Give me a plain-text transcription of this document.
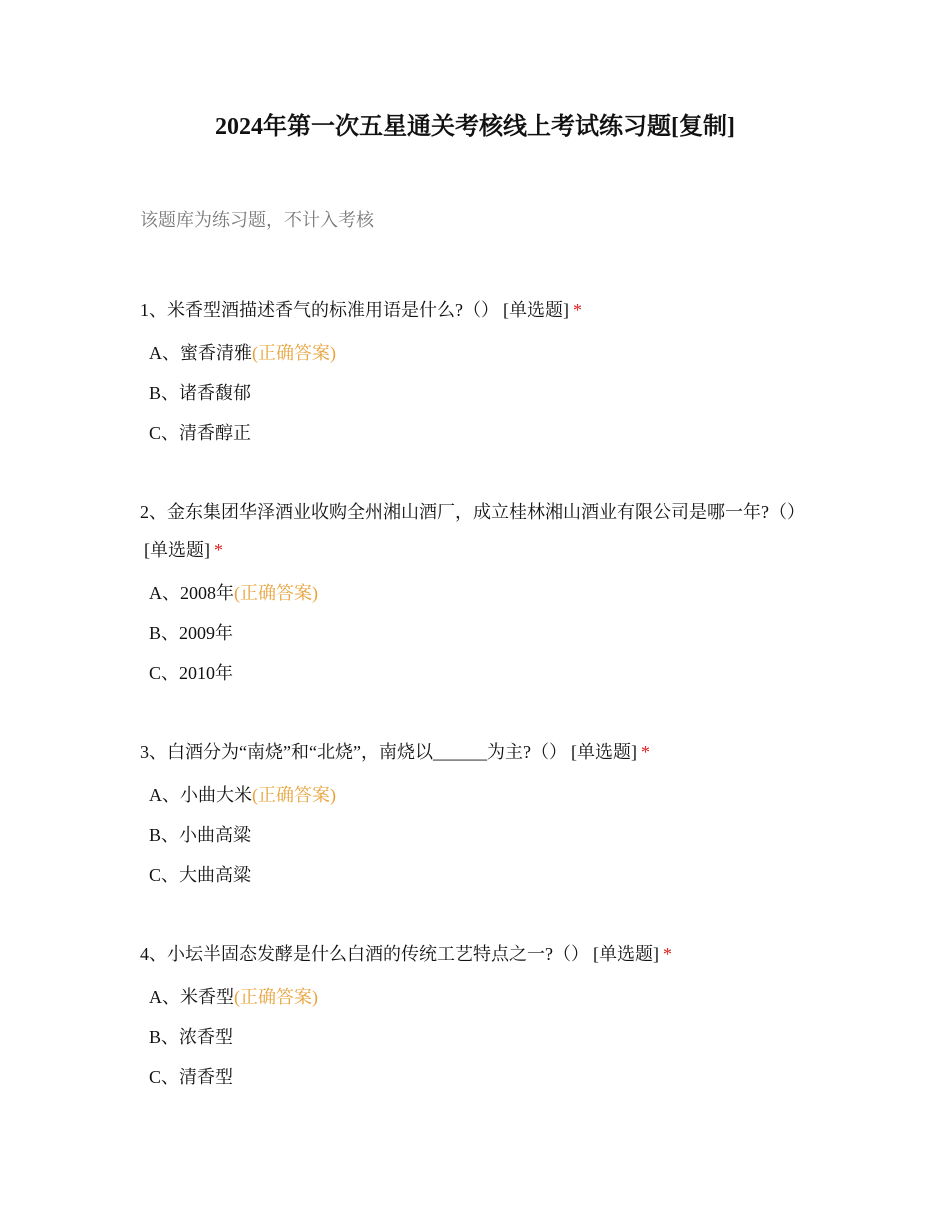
2024年第一次五星通关考核线上考试练习题[复制]
该题库为练习题，不计入考核
1、米香型酒描述香气的标准用语是什么?（） [单选题] *
A、蜜香清雅(正确答案)
B、诸香馥郁
C、清香醇正
2、金东集团华泽酒业收购全州湘山酒厂，成立桂林湘山酒业有限公司是哪一年?（）[单选题] *
A、2008年(正确答案)
B、2009年
C、2010年
3、白酒分为“南烧”和“北烧”，南烧以______为主?（） [单选题] *
A、小曲大米(正确答案)
B、小曲高粱
C、大曲高粱
4、小坛半固态发酵是什么白酒的传统工艺特点之一?（） [单选题] *
A、米香型(正确答案)
B、浓香型
C、清香型
